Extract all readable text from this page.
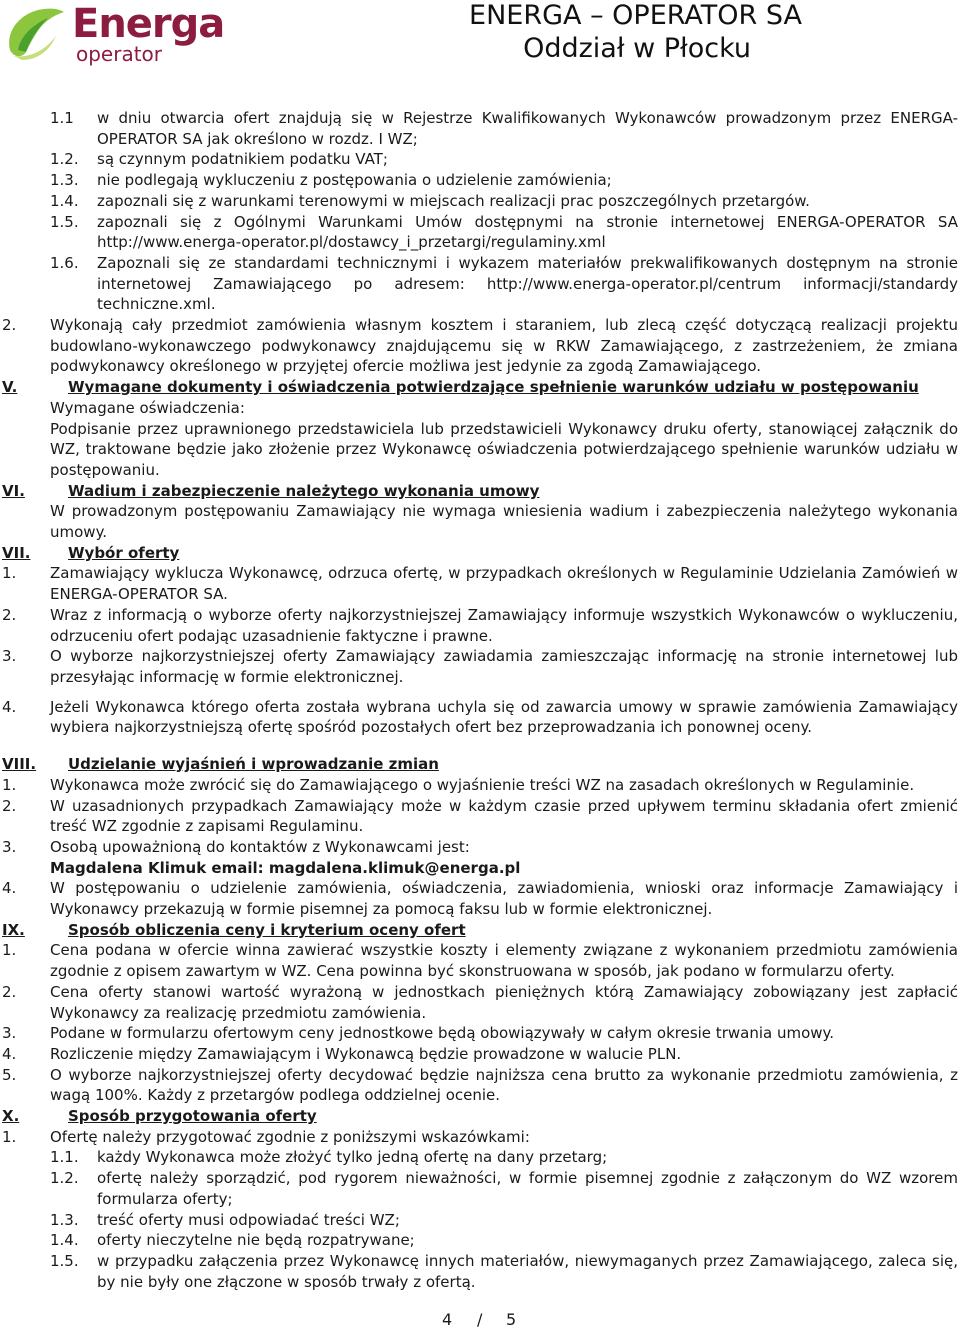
Energa
operator
ENERGA – OPERATOR SA
Oddział w Płocku
1.1 w dniu otwarcia ofert znajdują się w Rejestrze Kwalifikowanych Wykonawców prowadzonym przez ENERGA-OPERATOR SA jak określono w rozdz. I WZ;
1.2. są czynnym podatnikiem podatku VAT;
1.3. nie podlegają wykluczeniu z postępowania o udzielenie zamówienia;
1.4. zapoznali się z warunkami terenowymi w miejscach realizacji prac poszczególnych przetargów.
1.5. zapoznali się z Ogólnymi Warunkami Umów dostępnymi na stronie internetowej ENERGA-OPERATOR SA http://www.energa-operator.pl/dostawcy_i_przetargi/regulaminy.xml
1.6. Zapoznali się ze standardami technicznymi i wykazem materiałów prekwalifikowanych dostępnym na stronie internetowej Zamawiającego po adresem: http://www.energa-operator.pl/centrum informacji/standardy techniczne.xml.
2. Wykonają cały przedmiot zamówienia własnym kosztem i staraniem, lub zlecą część dotyczącą realizacji projektu budowlano-wykonawczego podwykonawcy znajdującemu się w RKW Zamawiającego, z zastrzeżeniem, że zmiana podwykonawcy określonego w przyjętej ofercie możliwa jest jedynie za zgodą Zamawiającego.
V.	Wymagane dokumenty i oświadczenia potwierdzające spełnienie warunków udziału w postępowaniu
Wymagane oświadczenia:
Podpisanie przez uprawnionego przedstawiciela lub przedstawicieli Wykonawcy druku oferty, stanowiącej załącznik do WZ, traktowane będzie jako złożenie przez Wykonawcę oświadczenia potwierdzającego spełnienie warunków udziału w postępowaniu.
VI.	Wadium i zabezpieczenie należytego wykonania umowy
W prowadzonym postępowaniu Zamawiający nie wymaga wniesienia wadium i zabezpieczenia należytego wykonania umowy.
VII.	Wybór oferty
1. Zamawiający wyklucza Wykonawcę, odrzuca ofertę, w przypadkach określonych w Regulaminie Udzielania Zamówień w ENERGA-OPERATOR SA.
2. Wraz z informacją o wyborze oferty najkorzystniejszej Zamawiający informuje wszystkich Wykonawców o wykluczeniu, odrzuceniu ofert podając uzasadnienie faktyczne i prawne.
3. O wyborze najkorzystniejszej oferty Zamawiający zawiadamia zamieszczając informację na stronie internetowej lub przesyłając informację w formie elektronicznej.
4. Jeżeli Wykonawca którego oferta została wybrana uchyla się od zawarcia umowy w sprawie zamówienia Zamawiający wybiera najkorzystniejszą ofertę spośród pozostałych ofert bez przeprowadzania ich ponownej oceny.
VIII. Udzielanie wyjaśnień i wprowadzanie zmian
1. Wykonawca może zwrócić się do Zamawiającego o wyjaśnienie treści WZ na zasadach określonych w Regulaminie.
2. W uzasadnionych przypadkach Zamawiający może w każdym czasie przed upływem terminu składania ofert zmienić treść WZ zgodnie z zapisami Regulaminu.
3. Osobą upoważnioną do kontaktów z Wykonawcami jest:
Magdalena Klimuk email: magdalena.klimuk@energa.pl
4. W postępowaniu o udzielenie zamówienia, oświadczenia, zawiadomienia, wnioski oraz informacje Zamawiający i Wykonawcy przekazują w formie pisemnej za pomocą faksu lub w formie elektronicznej.
IX.	Sposób obliczenia ceny i kryterium oceny ofert
1. Cena podana w ofercie winna zawierać wszystkie koszty i elementy związane z wykonaniem przedmiotu zamówienia zgodnie z opisem zawartym w WZ. Cena powinna być skonstruowana w sposób, jak podano w formularzu oferty.
2. Cena oferty stanowi wartość wyrażoną w jednostkach pieniężnych którą Zamawiający zobowiązany jest zapłacić Wykonawcy za realizację przedmiotu zamówienia.
3. Podane w formularzu ofertowym ceny jednostkowe będą obowiązywały w całym okresie trwania umowy.
4. Rozliczenie między Zamawiającym i Wykonawcą będzie prowadzone w walucie PLN.
5. O wyborze najkorzystniejszej oferty decydować będzie najniższa cena brutto za wykonanie przedmiotu zamówienia, z wagą 100%. Każdy z przetargów podlega oddzielnej ocenie.
X.	Sposób przygotowania oferty
1. Ofertę należy przygotować zgodnie z poniższymi wskazówkami:
1.1. każdy Wykonawca może złożyć tylko jedną ofertę na dany przetarg;
1.2. ofertę należy sporządzić, pod rygorem nieważności, w formie pisemnej zgodnie z załączonym do WZ wzorem formularza oferty;
1.3. treść oferty musi odpowiadać treści WZ;
1.4. oferty nieczytelne nie będą rozpatrywane;
1.5. w przypadku załączenia przez Wykonawcę innych materiałów, niewymaganych przez Zamawiającego, zaleca się, by nie były one złączone w sposób trwały z ofertą.
4 / 5
